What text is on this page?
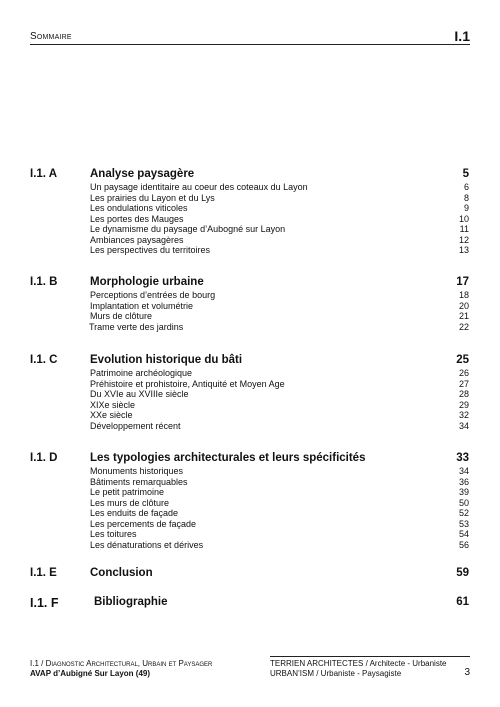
Sommaire	I.1
I.1. A	Analyse paysagère	5
Un paysage identitaire au coeur des coteaux du Layon	6
Les prairies du Layon et du Lys	8
Les ondulations viticoles	9
Les portes des Mauges	10
Le dynamisme du paysage d’Aubogné sur Layon	11
Ambiances paysagères	12
Les perspectives du territoires	13
I.1. B	Morphologie urbaine	17
Perceptions d’entrées de bourg	18
Implantation et volumétrie	20
Murs de clôture	21
Trame verte des jardins	22
I.1. C	Evolution historique du bâti	25
Patrimoine archéologique	26
Préhistoire et prohistoire, Antiquité et Moyen Age	27
Du XVIe au XVIIIe siècle	28
XIXe siècle	29
XXe siècle	32
Développement récent	34
I.1. D	Les typologies architecturales et leurs spécificités	33
Monuments historiques	34
Bâtiments remarquables	36
Le petit patrimoine	39
Les murs de clôture	50
Les enduits de façade	52
Les percements de façade	53
Les toitures	54
Les dénaturations et dérives	56
I.1. E	Conclusion	59
I.1. F	Bibliographie	61
I.1 / Diagnostic Architectural, Urbain et Paysager
AVAP d’Aubigné Sur Layon (49)
TERRIEN ARCHITECTES / Architecte - Urbaniste
URBAN’ISM / Urbaniste - Paysagiste	3
